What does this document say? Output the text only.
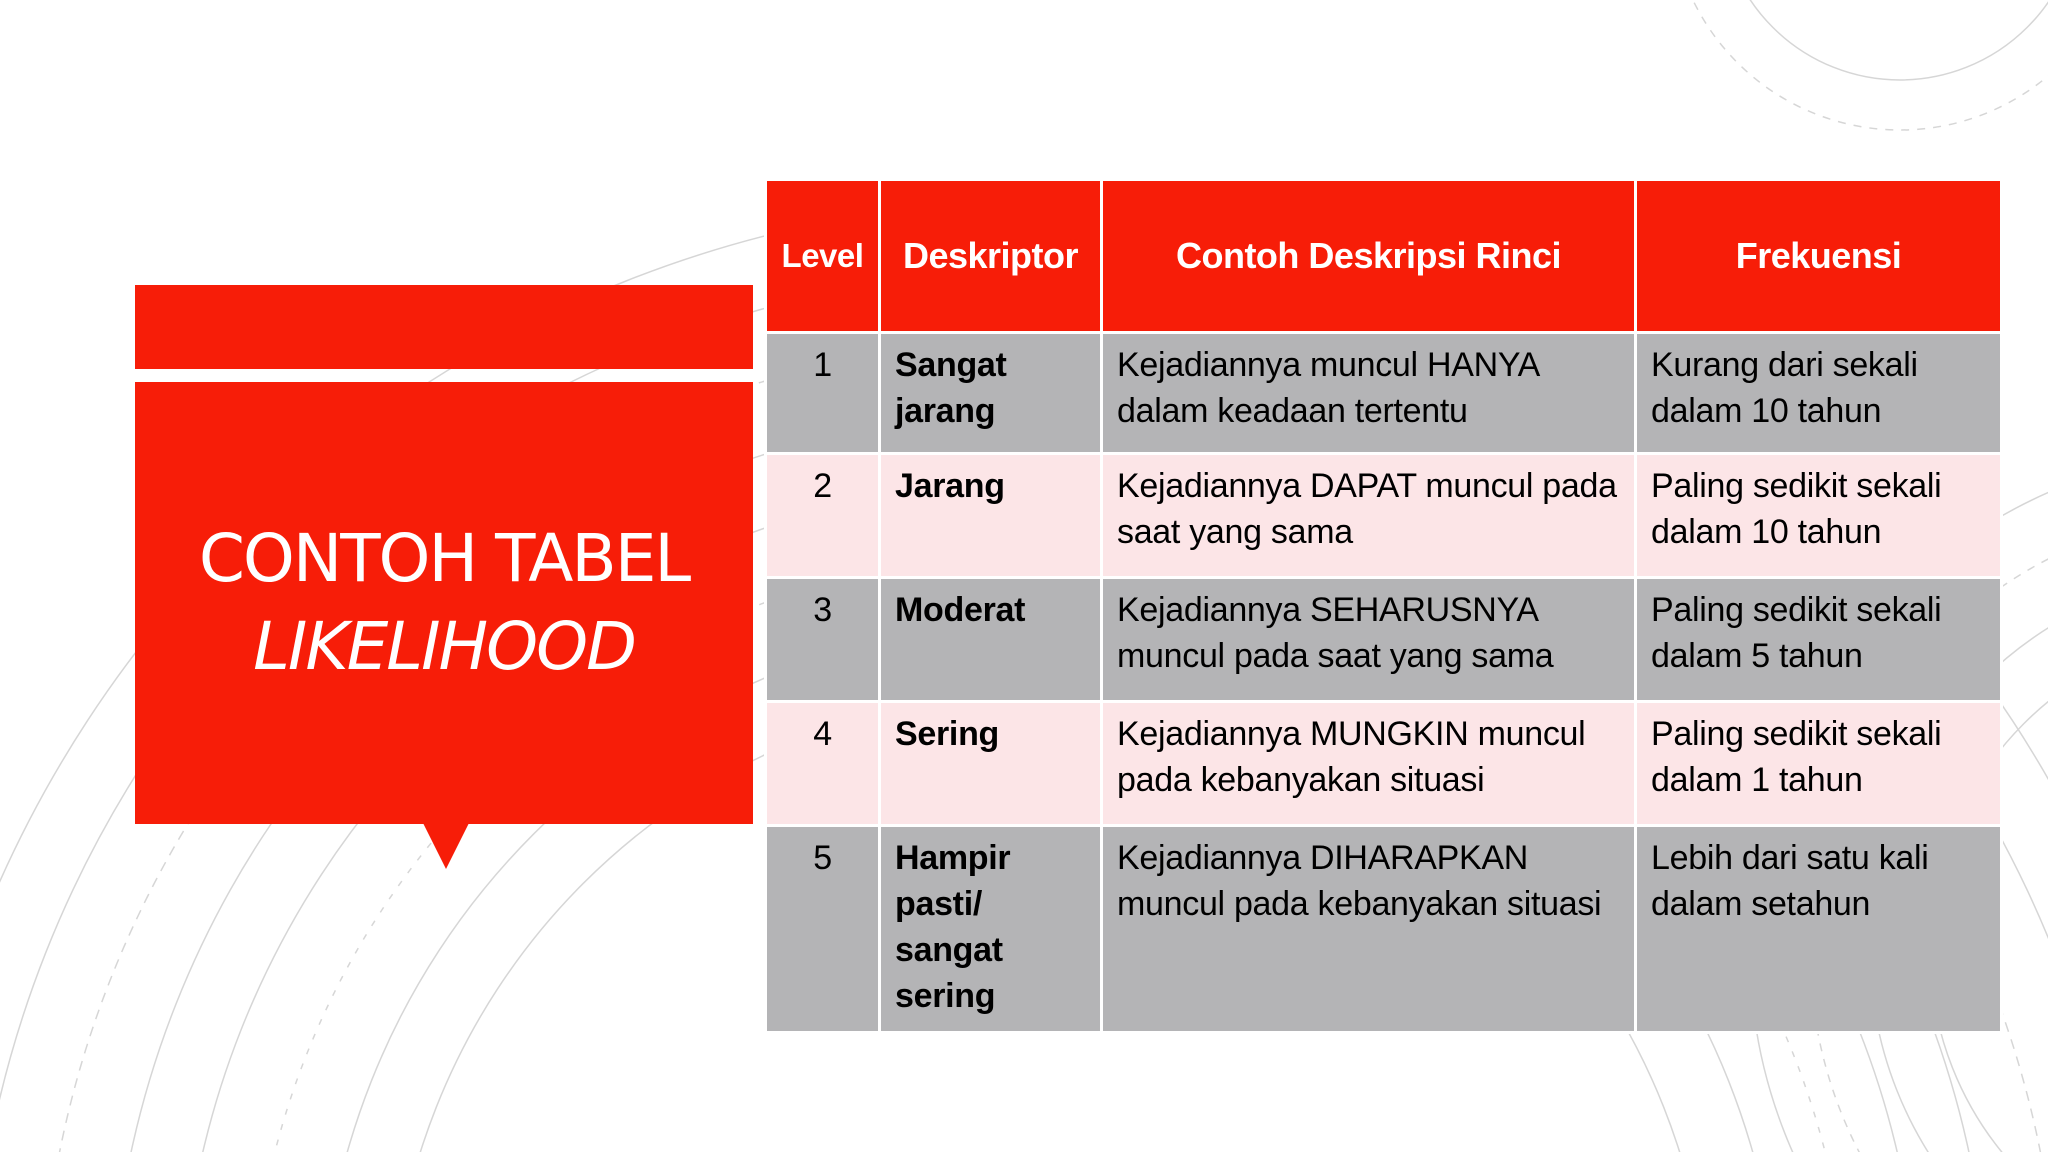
CONTOH TABEL
LIKELIHOOD
Level	Deskriptor	Contoh Deskripsi Rinci	Frekuensi
1	Sangat jarang	Kejadiannya muncul HANYA dalam keadaan tertentu	Kurang dari sekali dalam 10 tahun
2	Jarang	Kejadiannya DAPAT muncul pada saat yang sama	Paling sedikit sekali dalam 10 tahun
3	Moderat	Kejadiannya SEHARUSNYA muncul pada saat yang sama	Paling sedikit sekali dalam 5 tahun
4	Sering	Kejadiannya MUNGKIN muncul pada kebanyakan situasi	Paling sedikit sekali dalam 1 tahun
5	Hampir pasti/ sangat sering	Kejadiannya DIHARAPKAN muncul pada kebanyakan situasi	Lebih dari satu kali dalam setahun
